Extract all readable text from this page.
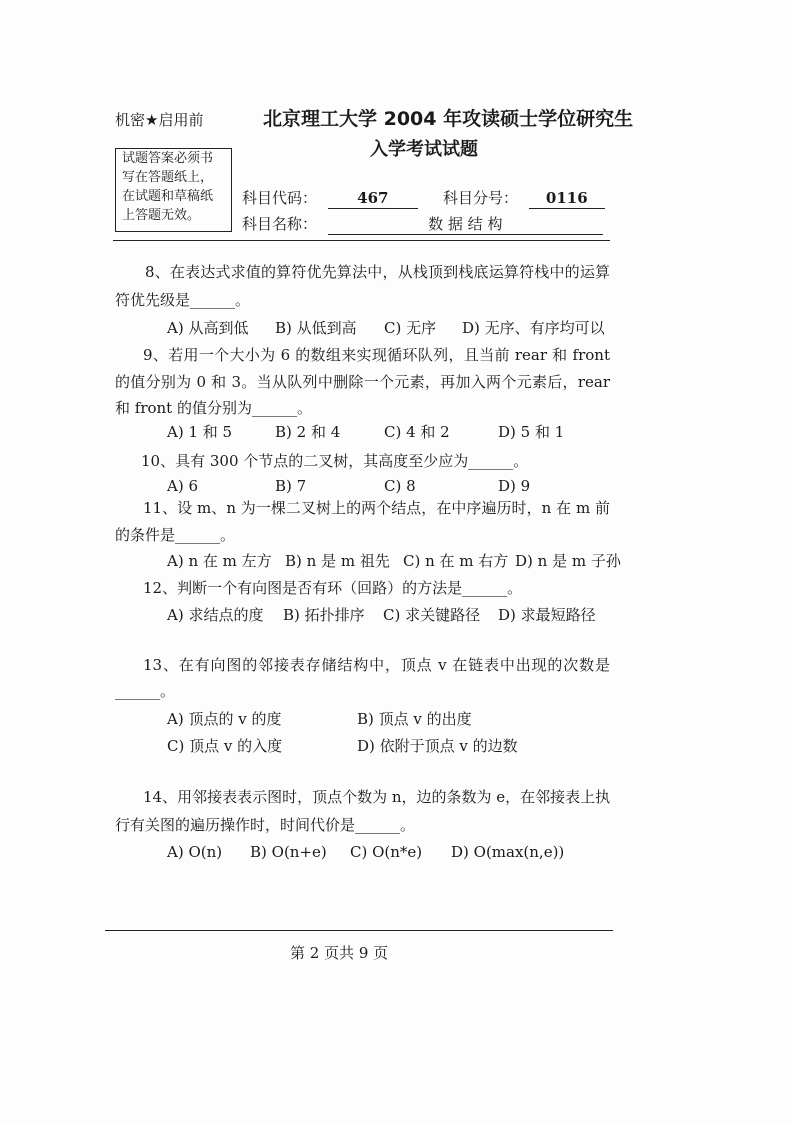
机密★启用前	北京理工大学 2004 年攻读硕士学位研究生
入学考试试题
试题答案必须书
写在答题纸上，
在试题和草稿纸
上答题无效。
科目代码：	467	科目分号： 0116
科目名称：	数 据 结 构
8、在表达式求值的算符优先算法中，从栈顶到栈底运算符栈中的运算
符优先级是______。
A) 从高到低 B) 从低到高 C) 无序 D) 无序、有序均可以
9、若用一个大小为 6 的数组来实现循环队列，且当前 rear 和 front
的值分别为 0 和 3。当从队列中删除一个元素，再加入两个元素后，rear
和 front 的值分别为______。
A) 1 和 5	B) 2 和 4	C) 4 和 2	D) 5 和 1
10、具有 300 个节点的二叉树，其高度至少应为______。
A) 6	B) 7	C) 8	D) 9
11、设 m、n 为一棵二叉树上的两个结点，在中序遍历时，n 在 m 前
的条件是______。
A) n 在 m 左方 B) n 是 m 祖先 C) n 在 m 右方 D) n 是 m 子孙
12、判断一个有向图是否有环（回路）的方法是______。
A) 求结点的度 B) 拓扑排序 C) 求关键路径 D) 求最短路径
13、在有向图的邻接表存储结构中，顶点 v 在链表中出现的次数是
______。
A) 顶点的 v 的度	B) 顶点 v 的出度
C) 顶点 v 的入度	D) 依附于顶点 v 的边数
14、用邻接表表示图时，顶点个数为 n，边的条数为 e，在邻接表上执
行有关图的遍历操作时，时间代价是______。
A) O(n) B) O(n+e) C) O(n*e) D) O(max(n,e))
第 2 页共 9 页
